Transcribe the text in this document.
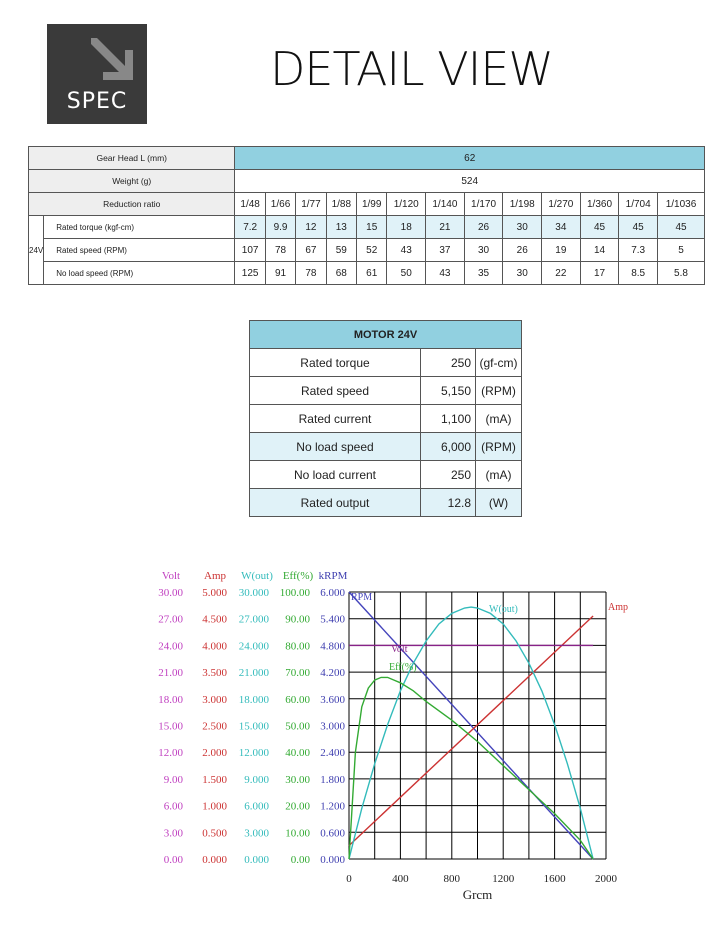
SPEC
DETAIL VIEW
Gear Head L (mm)		62												
Weight (g)		524												
Reduction ratio		1/48	1/66	1/77	1/88	1/99	1/120	1/140	1/170	1/198	1/270	1/360	1/704	1/1036
24V	Rated torque (kgf-cm)	7.2	9.9	12	13	15	18	21	26	30	34	45	45	45
	Rated speed (RPM)	107	78	67	59	52	43	37	30	26	19	14	7.3	5
	No load speed (RPM)	125	91	78	68	61	50	43	35	30	22	17	8.5	5.8
MOTOR 24V		
Rated torque	250	(gf-cm)
Rated speed	5,150	(RPM)
Rated current	1,100	(mA)
No load speed	6,000	(RPM)
No load current	250	(mA)
Rated output	12.8	(W)
0	400	800	1200	1600	2000
Grcm
Volt
30.00
27.00
24.00
21.00
18.00
15.00
12.00
9.00
6.00
3.00
0.00
Amp
5.000
4.500
4.000
3.500
3.000
2.500
2.000
1.500
1.000
0.500
0.000
W(out)
30.000
27.000
24.000
21.000
18.000
15.000
12.000
9.000
6.000
3.000
0.000
Eff(%)
100.00
90.00
80.00
70.00
60.00
50.00
40.00
30.00
20.00
10.00
0.00
kRPM
6.000
5.400
4.800
4.200
3.600
3.000
2.400
1.800
1.200
0.600
0.000
RPM
Amp
Volt
W(out)
Eff(%)
